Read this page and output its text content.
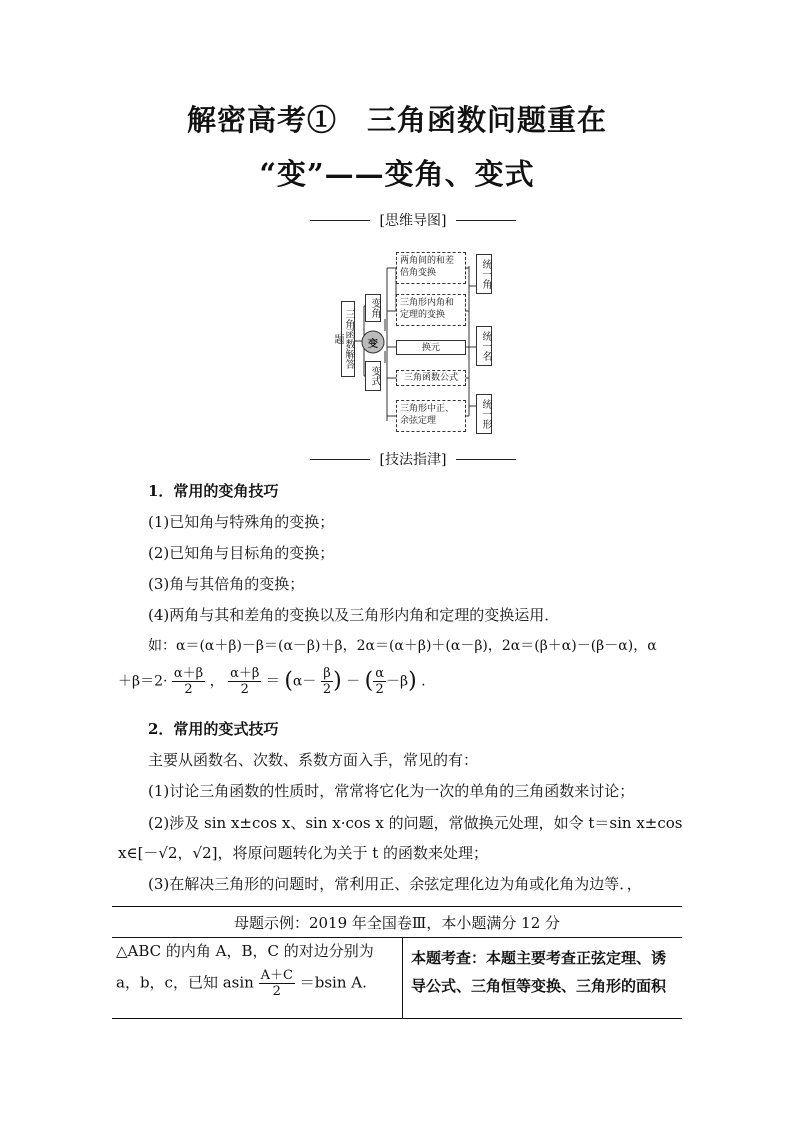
解密高考①　三角函数问题重在
“变”——变角、变式
[思维导图]
三角函数解答题	变
变角
变式
两角间的和差倍角变换
三角形内角和定理的变换
换元
三角函数公式
三角形中正、余弦定理
统一角
统一名
统一形
[技法指津]
1．常用的变角技巧
(1)已知角与特殊角的变换；
(2)已知角与目标角的变换；
(3)角与其倍角的变换；
(4)两角与其和差角的变换以及三角形内角和定理的变换运用．
如：α＝(α＋β)－β＝(α－β)＋β，2α＝(α＋β)＋(α－β)，2α＝(β＋α)－(β－α)，α
$+\beta=2\cdot \frac{\alpha+\beta}{2}$ ， $\frac{\alpha+\beta}{2} = (\alpha- \frac{\beta}{2}$ ) － ( $\frac{\alpha}{2} -\beta$) .
2．常用的变式技巧
主要从函数名、次数、系数方面入手，常见的有：
(1)讨论三角函数的性质时，常常将它化为一次的单角的三角函数来讨论；
(2)涉及 sin x±cos x、sin x·cos x 的问题，常做换元处理，如令 t＝sin x±cos
x∈[－√2，√2]，将原问题转化为关于 t 的函数来处理；
(3)在解决三角形的问题时，常利用正、余弦定理化边为角或化角为边等．，
母题示例：2019 年全国卷Ⅲ，本小题满分 12 分

△ABC 的内角 A，B，C 的对边分别为
a，b，c，已知 asin $\frac{A+C}{2} =bsin$ A.
	本题考查：本题主要考查正弦定理、诱导公式、三角恒等变换、三角形的面积
